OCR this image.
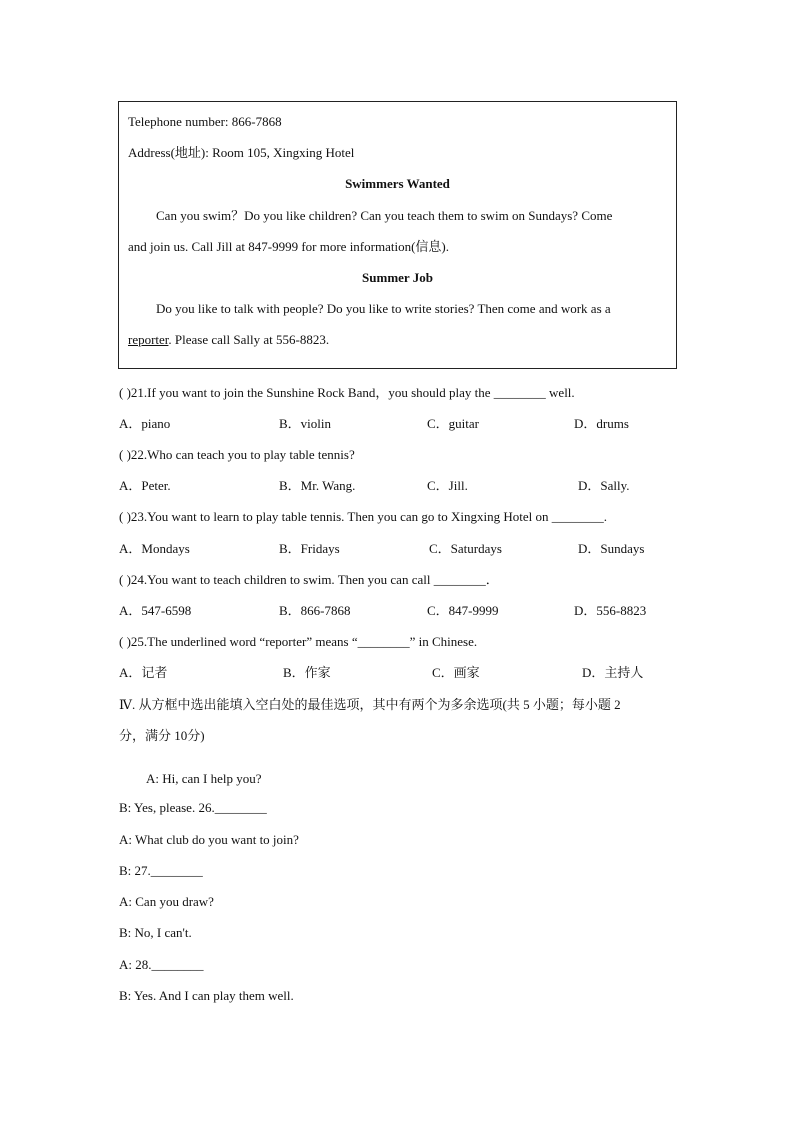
Telephone number: 866-7868
Address(地址): Room 105, Xingxing Hotel
Swimmers Wanted
Can you swim？Do you like children? Can you teach them to swim on Sundays? Come
and join us. Call Jill at 847-9999 for more information(信息).
Summer Job
Do you like to talk with people? Do you like to write stories? Then come and work as a
reporter. Please call Sally at 556-8823.
( )21.If you want to join the Sunshine Rock Band，you should play the ________ well.
A．piano	B．violin	C．guitar	D．drums
( )22.Who can teach you to play table tennis?
A．Peter.	B．Mr. Wang.	C．Jill.	D．Sally.
( )23.You want to learn to play table tennis. Then you can go to Xingxing Hotel on ________.
A．Mondays	B．Fridays	C．Saturdays	D．Sundays
( )24.You want to teach children to swim. Then you can call ________．
A．547-6598	B．866-7868	C．847-9999	D．556-8823
( )25.The underlined word “reporter” means “________” in Chinese.
A．记者	B．作家	C．画家	D．主持人
Ⅳ. 从方框中选出能填入空白处的最佳选项，其中有两个为多余选项(共 5 小题；每小题 2
分，满分 10分)
A: Hi, can I help you?
B: Yes, please. 26.________
A: What club do you want to join?
B: 27.________
A: Can you draw?
B: No, I can't.
A: 28.________
B: Yes. And I can play them well.
